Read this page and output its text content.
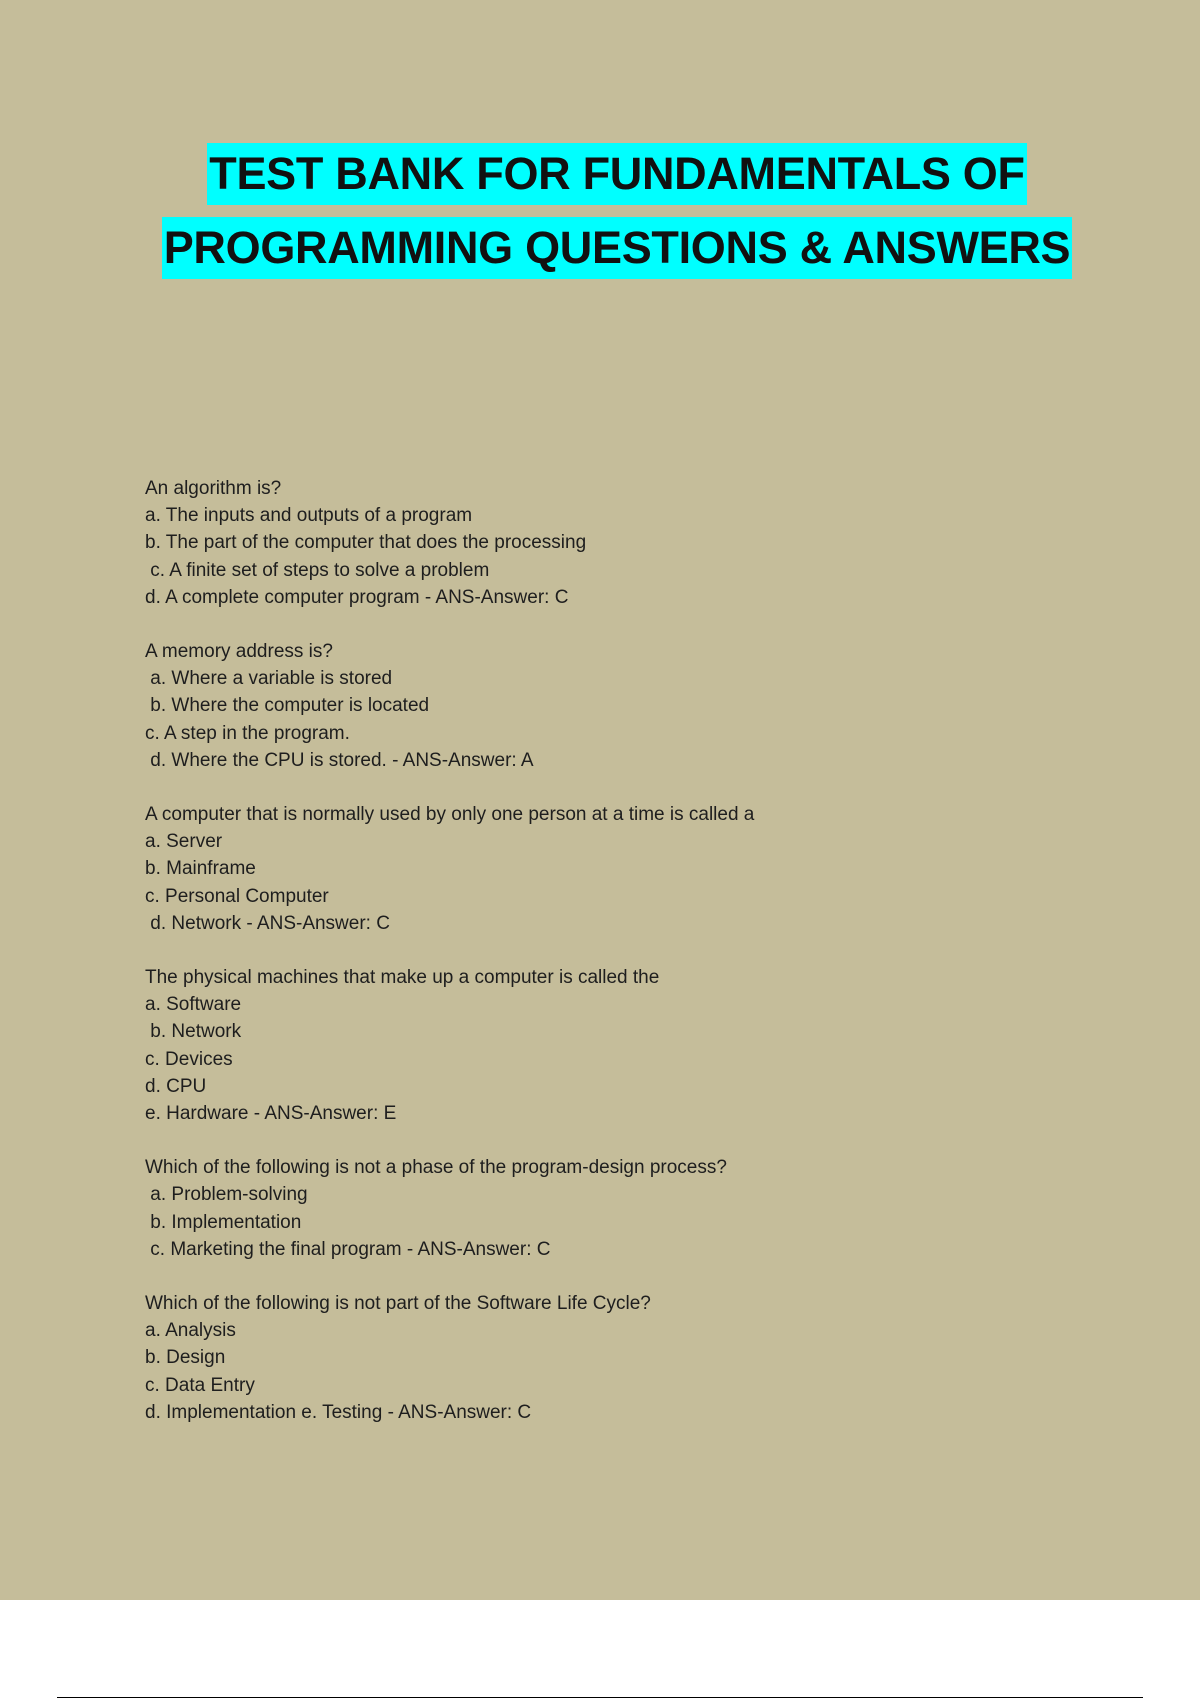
TEST BANK FOR FUNDAMENTALS OF
PROGRAMMING QUESTIONS & ANSWERS
An algorithm is?
a. The inputs and outputs of a program
b. The part of the computer that does the processing
c. A finite set of steps to solve a problem
d. A complete computer program - ANS-Answer: C
A memory address is?
a. Where a variable is stored
b. Where the computer is located
c. A step in the program.
d. Where the CPU is stored. - ANS-Answer: A
A computer that is normally used by only one person at a time is called a
a. Server
b. Mainframe
c. Personal Computer
d. Network - ANS-Answer: C
The physical machines that make up a computer is called the
a. Software
b. Network
c. Devices
d. CPU
e. Hardware - ANS-Answer: E
Which of the following is not a phase of the program-design process?
a. Problem-solving
b. Implementation
c. Marketing the final program - ANS-Answer: C
Which of the following is not part of the Software Life Cycle?
a. Analysis
b. Design
c. Data Entry
d. Implementation e. Testing - ANS-Answer: C
